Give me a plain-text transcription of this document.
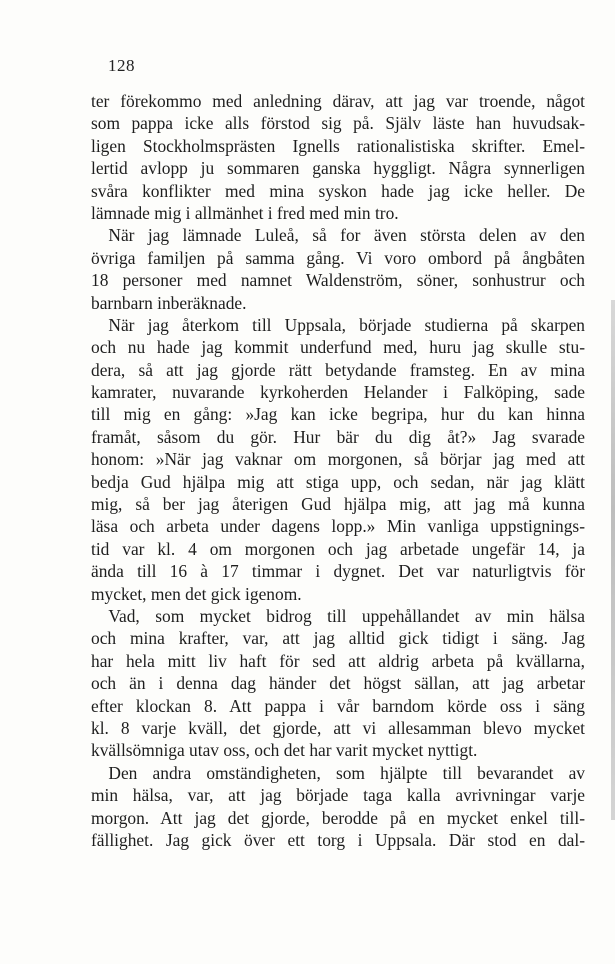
128
ter förekommo med anledning därav, att jag var troende, något
som pappa icke alls förstod sig på. Själv läste han huvudsak-
ligen Stockholmsprästen Ignells rationalistiska skrifter. Emel-
lertid avlopp ju sommaren ganska hyggligt. Några synnerligen
svåra konflikter med mina syskon hade jag icke heller. De
lämnade mig i allmänhet i fred med min tro.
 När jag lämnade Luleå, så for även största delen av den
övriga familjen på samma gång. Vi voro ombord på ångbåten
18 personer med namnet Waldenström, söner, sonhustrur och
barnbarn inberäknade.
 När jag återkom till Uppsala, började studierna på skarpen
och nu hade jag kommit underfund med, huru jag skulle stu-
dera, så att jag gjorde rätt betydande framsteg. En av mina
kamrater, nuvarande kyrkoherden Helander i Falköping, sade
till mig en gång: »Jag kan icke begripa, hur du kan hinna
framåt, såsom du gör. Hur bär du dig åt?» Jag svarade
honom: »När jag vaknar om morgonen, så börjar jag med att
bedja Gud hjälpa mig att stiga upp, och sedan, när jag klätt
mig, så ber jag återigen Gud hjälpa mig, att jag må kunna
läsa och arbeta under dagens lopp.» Min vanliga uppstignings-
tid var kl. 4 om morgonen och jag arbetade ungefär 14, ja
ända till 16 à 17 timmar i dygnet. Det var naturligtvis för
mycket, men det gick igenom.
 Vad, som mycket bidrog till uppehållandet av min hälsa
och mina krafter, var, att jag alltid gick tidigt i säng. Jag
har hela mitt liv haft för sed att aldrig arbeta på kvällarna,
och än i denna dag händer det högst sällan, att jag arbetar
efter klockan 8. Att pappa i vår barndom körde oss i säng
kl. 8 varje kväll, det gjorde, att vi allesamman blevo mycket
kvällsömniga utav oss, och det har varit mycket nyttigt.
 Den andra omständigheten, som hjälpte till bevarandet av
min hälsa, var, att jag började taga kalla avrivningar varje
morgon. Att jag det gjorde, berodde på en mycket enkel till-
fällighet. Jag gick över ett torg i Uppsala. Där stod en dal-
